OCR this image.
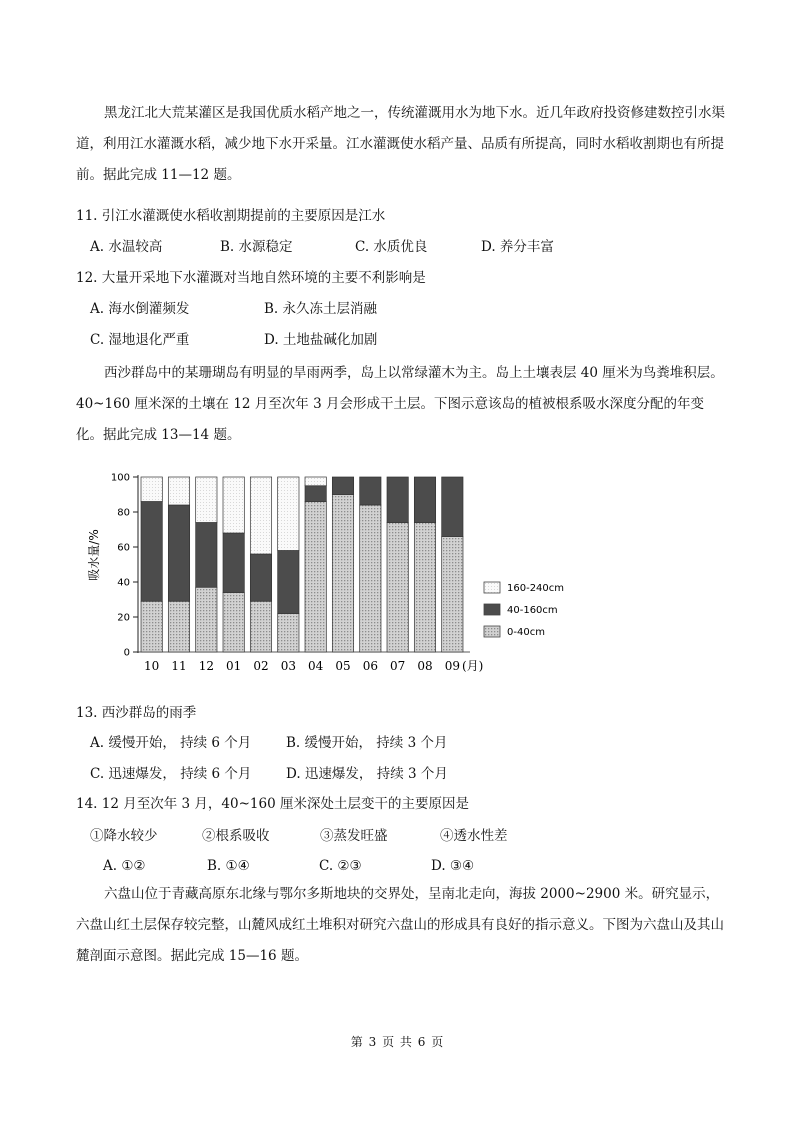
黑龙江北大荒某灌区是我国优质水稻产地之一，传统灌溉用水为地下水。近几年政府投资修建数控引水渠道，利用江水灌溉水稻，减少地下水开采量。江水灌溉使水稻产量、品质有所提高，同时水稻收割期也有所提前。据此完成 11—12 题。

11. 引江水灌溉使水稻收割期提前的主要原因是江水
A. 水温较高	B. 水源稳定	C. 水质优良	D. 养分丰富
12. 大量开采地下水灌溉对当地自然环境的主要不利影响是
A. 海水倒灌频发	B. 永久冻土层消融
C. 湿地退化严重	D. 土地盐碱化加剧

西沙群岛中的某珊瑚岛有明显的旱雨两季，岛上以常绿灌木为主。岛上土壤表层 40 厘米为鸟粪堆积层。40~160 厘米深的土壤在 12 月至次年 3 月会形成干土层。下图示意该岛的植被根系吸水深度分配的年变化。据此完成 13—14 题。

0
20
40
60
80
100
10 11 12 01 02 03 04 05 06 07 08 09 (月)
吸水量/%
160-240cm
40-160cm
0-40cm
13. 西沙群岛的雨季
A. 缓慢开始， 持续 6 个月	B. 缓慢开始， 持续 3 个月
C. 迅速爆发， 持续 6 个月	D. 迅速爆发， 持续 3 个月
14. 12 月至次年 3 月，40~160 厘米深处土层变干的主要原因是
①降水较少	②根系吸收	③蒸发旺盛	④透水性差
A. ①②	B. ①④	C. ②③	D. ③④

六盘山位于青藏高原东北缘与鄂尔多斯地块的交界处，呈南北走向，海拔 2000~2900 米。研究显示，六盘山红土层保存较完整，山麓风成红土堆积对研究六盘山的形成具有良好的指示意义。下图为六盘山及其山麓剖面示意图。据此完成 15—16 题。

第 3 页 共 6 页
